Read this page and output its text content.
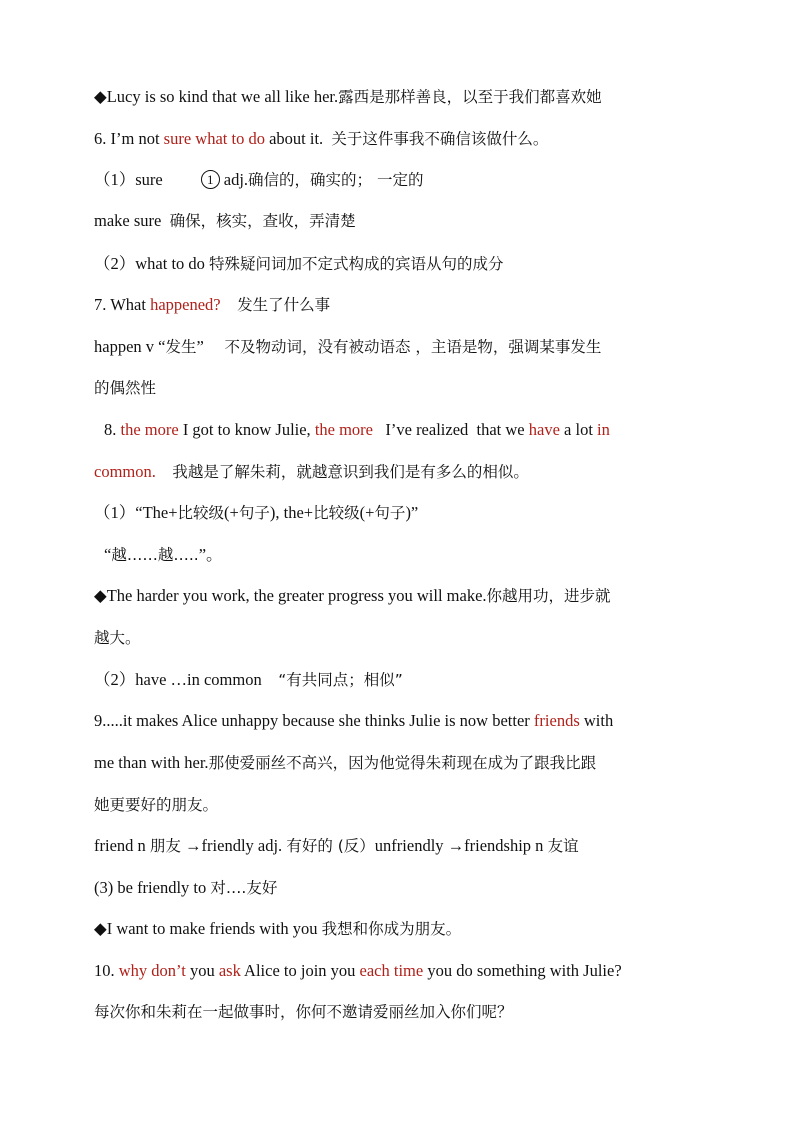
◆Lucy is so kind that we all like her.露西是那样善良，以至于我们都喜欢她
6. I’m not sure what to do about it. 关于这件事我不确信该做什么。
（1）sure	1 adj.确信的，确实的； 一定的
make sure 确保，核实，查收，弄清楚
（2）what to do 特殊疑问词加不定式构成的宾语从句的成分
7. What happened? 发生了什么事
happen v “发生” 不及物动词，没有被动语态 ，主语是物，强调某事发生
的偶然性
8. the more I got to know Julie, the more   I’ve realized  that we have a lot in
common. 我越是了解朱莉，就越意识到我们是有多么的相似。
（1）“The+比较级(+句子), the+比较级(+句子)”
“越……越…..”。
◆The harder you work, the greater progress you will make.你越用功，进步就
越大。
（2）have …in common “有共同点；相似”
9.....it makes Alice unhappy because she thinks Julie is now better friends with
me than with her.那使爱丽丝不高兴，因为他觉得朱莉现在成为了跟我比跟
她更要好的朋友。
friend n 朋友 →friendly adj. 有好的 (反）unfriendly →friendship n 友谊
(3) be friendly to 对….友好
◆I want to make friends with you 我想和你成为朋友。
10. why don’t you ask Alice to join you each time you do something with Julie?
每次你和朱莉在一起做事时，你何不邀请爱丽丝加入你们呢？
